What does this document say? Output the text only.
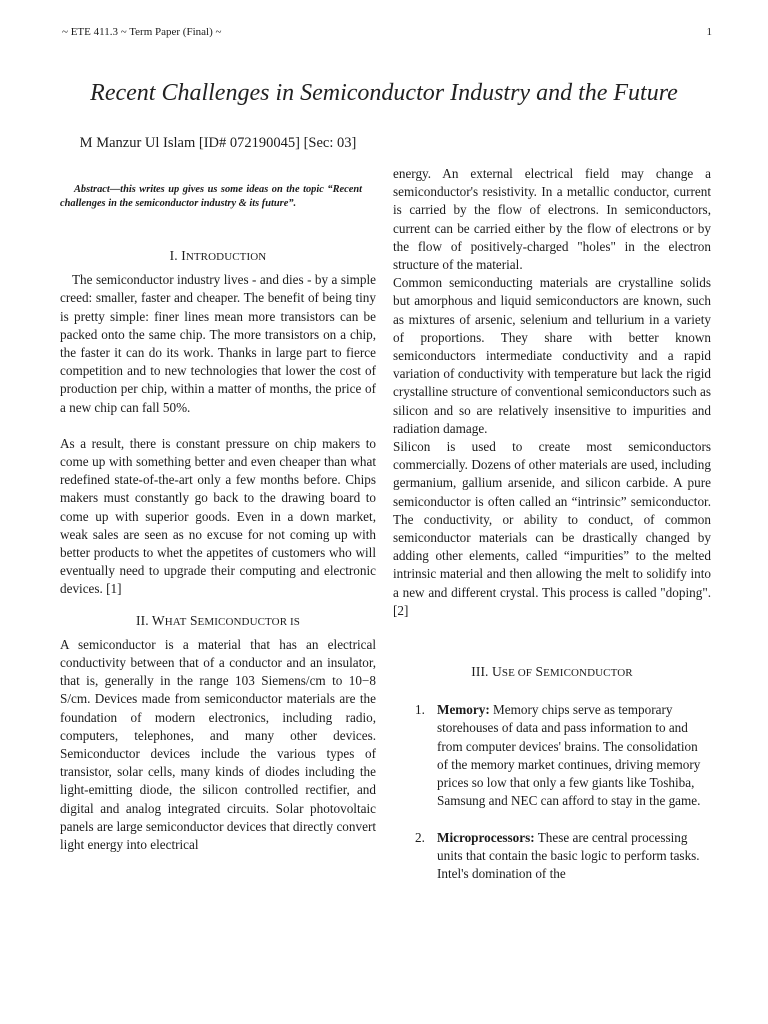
~ ETE 411.3 ~ Term Paper (Final) ~	1
Recent Challenges in Semiconductor Industry and the Future
M Manzur Ul Islam [ID# 072190045] [Sec: 03]

Abstract—this writes up gives us some ideas on the topic “Recent challenges in the semiconductor industry & its future”.

I. INTRODUCTION

The semiconductor industry lives - and dies - by a simple creed: smaller, faster and cheaper. The benefit of being tiny is pretty simple: finer lines mean more transistors can be packed onto the same chip. The more transistors on a chip, the faster it can do its work. Thanks in large part to fierce competition and to new technologies that lower the cost of production per chip, within a matter of months, the price of a new chip can fall 50%.

As a result, there is constant pressure on chip makers to come up with something better and even cheaper than what redefined state-of-the-art only a few months before. Chips makers must constantly go back to the drawing board to come up with superior goods. Even in a down market, weak sales are seen as no excuse for not coming up with better products to whet the appetites of customers who will eventually need to upgrade their computing and electronic devices. [1]

II. WHAT SEMICONDUCTOR IS

A semiconductor is a material that has an electrical conductivity between that of a conductor and an insulator, that is, generally in the range 103 Siemens/cm to 10−8 S/cm. Devices made from semiconductor materials are the foundation of modern electronics, including radio, computers, telephones, and many other devices. Semiconductor devices include the various types of transistor, solar cells, many kinds of diodes including the light-emitting diode, the silicon controlled rectifier, and digital and analog integrated circuits. Solar photovoltaic panels are large semiconductor devices that directly convert light energy into electrical

energy. An external electrical field may change a semiconductor's resistivity. In a metallic conductor, current is carried by the flow of electrons. In semiconductors, current can be carried either by the flow of electrons or by the flow of positively-charged "holes" in the electron structure of the material.

Common semiconducting materials are crystalline solids but amorphous and liquid semiconductors are known, such as mixtures of arsenic, selenium and tellurium in a variety of proportions. They share with better known semiconductors intermediate conductivity and a rapid variation of conductivity with temperature but lack the rigid crystalline structure of conventional semiconductors such as silicon and so are relatively insensitive to impurities and radiation damage.

Silicon is used to create most semiconductors commercially. Dozens of other materials are used, including germanium, gallium arsenide, and silicon carbide. A pure semiconductor is often called an “intrinsic” semiconductor. The conductivity, or ability to conduct, of common semiconductor materials can be drastically changed by adding other elements, called “impurities” to the melted intrinsic material and then allowing the melt to solidify into a new and different crystal. This process is called "doping". [2]

III. USE OF SEMICONDUCTOR
1. Memory: Memory chips serve as temporary storehouses of data and pass information to and from computer devices' brains. The consolidation of the memory market continues, driving memory prices so low that only a few giants like Toshiba, Samsung and NEC can afford to stay in the game.
2. Microprocessors: These are central processing units that contain the basic logic to perform tasks. Intel's domination of the
